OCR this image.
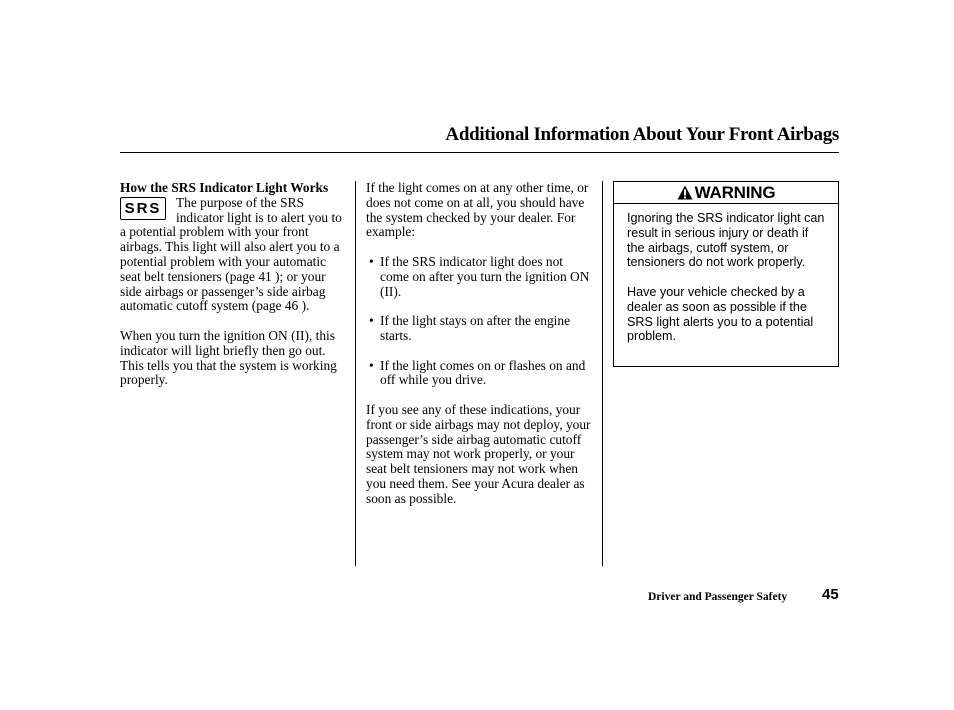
Additional Information About Your Front Airbags

How the SRS Indicator Light Works

SRS	The purpose of the SRS indicator light is to alert you to a potential problem with your front airbags. This light will also alert you to a potential problem with your automatic seat belt tensioners (page 41 ); or your side airbags or passenger’s side airbag automatic cutoff system (page 46 ).

When you turn the ignition ON (II), this indicator will light briefly then go out. This tells you that the system is working properly.

If the light comes on at any other time, or does not come on at all, you should have the system checked by your dealer. For example:

• If the SRS indicator light does not come on after you turn the ignition ON (II).
• If the light stays on after the engine starts.
• If the light comes on or flashes on and off while you drive.

If you see any of these indications, your front or side airbags may not deploy, your passenger’s side airbag automatic cutoff system may not work properly, or your seat belt tensioners may not work when you need them. See your Acura dealer as soon as possible.

WARNING

Ignoring the SRS indicator light can result in serious injury or death if the airbags, cutoff system, or tensioners do not work properly.

Have your vehicle checked by a dealer as soon as possible if the SRS light alerts you to a potential problem.

Driver and Passenger Safety 45
